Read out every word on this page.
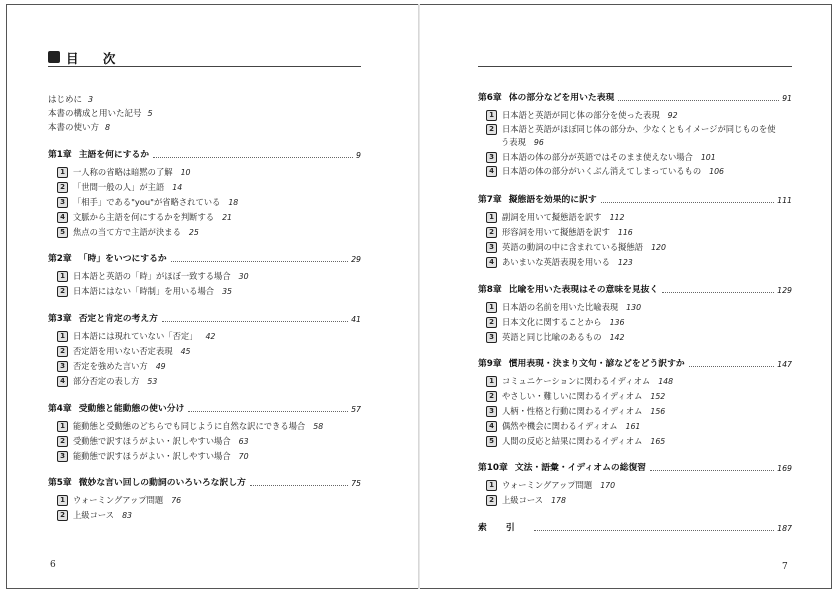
目 次
はじめに 3
本書の構成と用いた記号 5
本書の使い方 8
第1章 主語を何にするか	9
1 一人称の省略は暗黙の了解 10
2 「世間一般の人」が主語 14
3 「相手」である"you"が省略されている 18
4 文脈から主語を何にするかを判断する 21
5 焦点の当て方で主語が決まる 25
第2章 「時」をいつにするか	29
1 日本語と英語の「時」がほぼ一致する場合 30
2 日本語にはない「時制」を用いる場合 35
第3章 否定と肯定の考え方	41
1 日本語には現れていない「否定」 42
2 否定語を用いない否定表現 45
3 否定を強めた言い方 49
4 部分否定の表し方 53
第4章 受動態と能動態の使い分け	57
1 能動態と受動態のどちらでも同じように自然な訳にできる場合 58
2 受動態で訳すほうがよい・訳しやすい場合 63
3 能動態で訳すほうがよい・訳しやすい場合 70
第5章 微妙な言い回しの動詞のいろいろな訳し方	75
1 ウォーミングアップ問題 76
2 上級コース 83
6
第6章 体の部分などを用いた表現	91
1 日本語と英語が同じ体の部分を使った表現 92
2 日本語と英語がほぼ同じ体の部分か、少なくともイメージが同じものを使
う表現 96
3 日本語の体の部分が英語ではそのまま使えない場合 101
4 日本語の体の部分がいくぶん消えてしまっているもの 106
第7章 擬態語を効果的に訳す	111
1 副詞を用いて擬態語を訳す 112
2 形容詞を用いて擬態語を訳す 116
3 英語の動詞の中に含まれている擬態語 120
4 あいまいな英語表現を用いる 123
第8章 比喩を用いた表現はその意味を見抜く	129
1 日本語の名前を用いた比喩表現 130
2 日本文化に関することから 136
3 英語と同じ比喩のあるもの 142
第9章 慣用表現・決まり文句・諺などをどう訳すか	147
1 コミュニケーションに関わるイディオム 148
2 やさしい・難しいに関わるイディオム 152
3 人柄・性格と行動に関わるイディオム 156
4 偶然や機会に関わるイディオム 161
5 人間の反応と結果に関わるイディオム 165
第10章 文法・語彙・イディオムの総復習	169
1 ウォーミングアップ問題 170
2 上級コース 178
索 引	187
7
